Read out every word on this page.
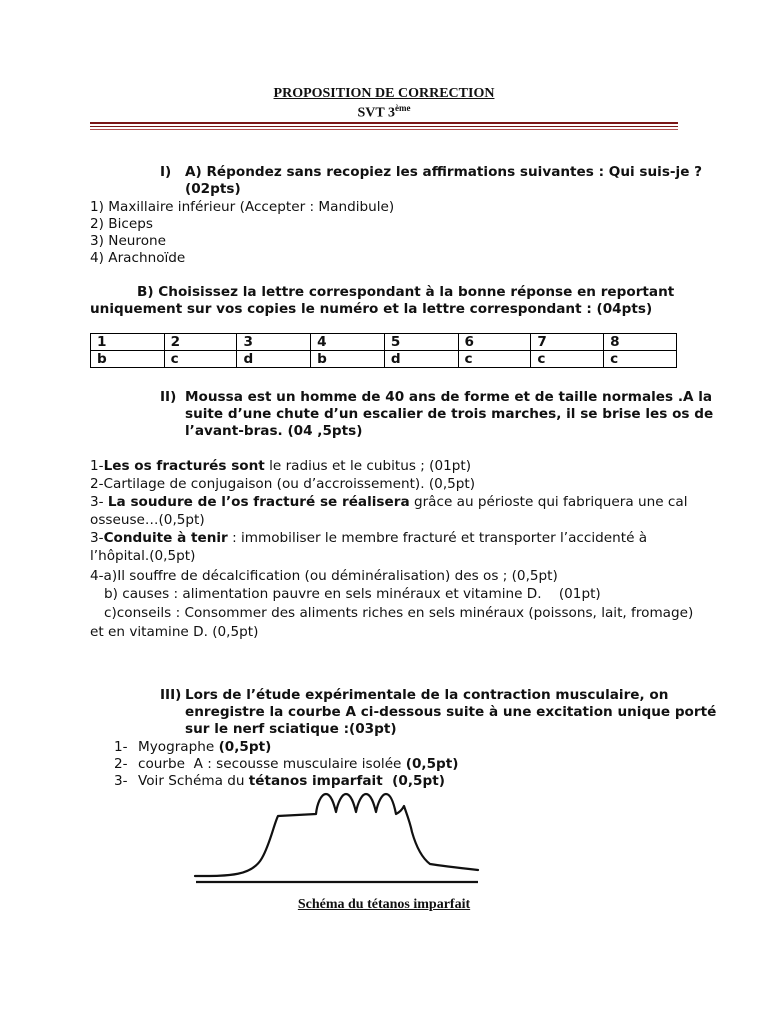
PROPOSITION DE CORRECTION
SVT 3ème
I) A) Répondez sans recopiez les affirmations suivantes : Qui suis-je ?
(02pts)
1) Maxillaire inférieur (Accepter : Mandibule)
2) Biceps
3) Neurone
4) Arachnoïde
B) Choisissez la lettre correspondant à la bonne réponse en reportant
uniquement sur vos copies le numéro et la lettre correspondant : (04pts)
1	2	3	4	5	6	7	8
b	c	d	b	d	c	c	c
II) Moussa est un homme de 40 ans de forme et de taille normales .A la
suite d’une chute d’un escalier de trois marches, il se brise les os de
l’avant-bras. (04 ,5pts)
1-Les os fracturés sont le radius et le cubitus ; (01pt)
2-Cartilage de conjugaison (ou d’accroissement). (0,5pt)
3- La soudure de l’os fracturé se réalisera grâce au périoste qui fabriquera une cal
osseuse…(0,5pt)
3-Conduite à tenir : immobiliser le membre fracturé et transporter l’accidenté à
l’hôpital.(0,5pt)
4-a)Il souffre de décalcification (ou déminéralisation) des os ; (0,5pt)
b) causes : alimentation pauvre en sels minéraux et vitamine D.    (01pt)
c)conseils : Consommer des aliments riches en sels minéraux (poissons, lait, fromage)
et en vitamine D. (0,5pt)
III) Lors de l’étude expérimentale de la contraction musculaire, on
enregistre la courbe A ci-dessous suite à une excitation unique porté
sur le nerf sciatique :(03pt)
1- Myographe (0,5pt)
2- courbe  A : secousse musculaire isolée (0,5pt)
3- Voir Schéma du tétanos imparfait  (0,5pt)
Schéma du tétanos imparfait
